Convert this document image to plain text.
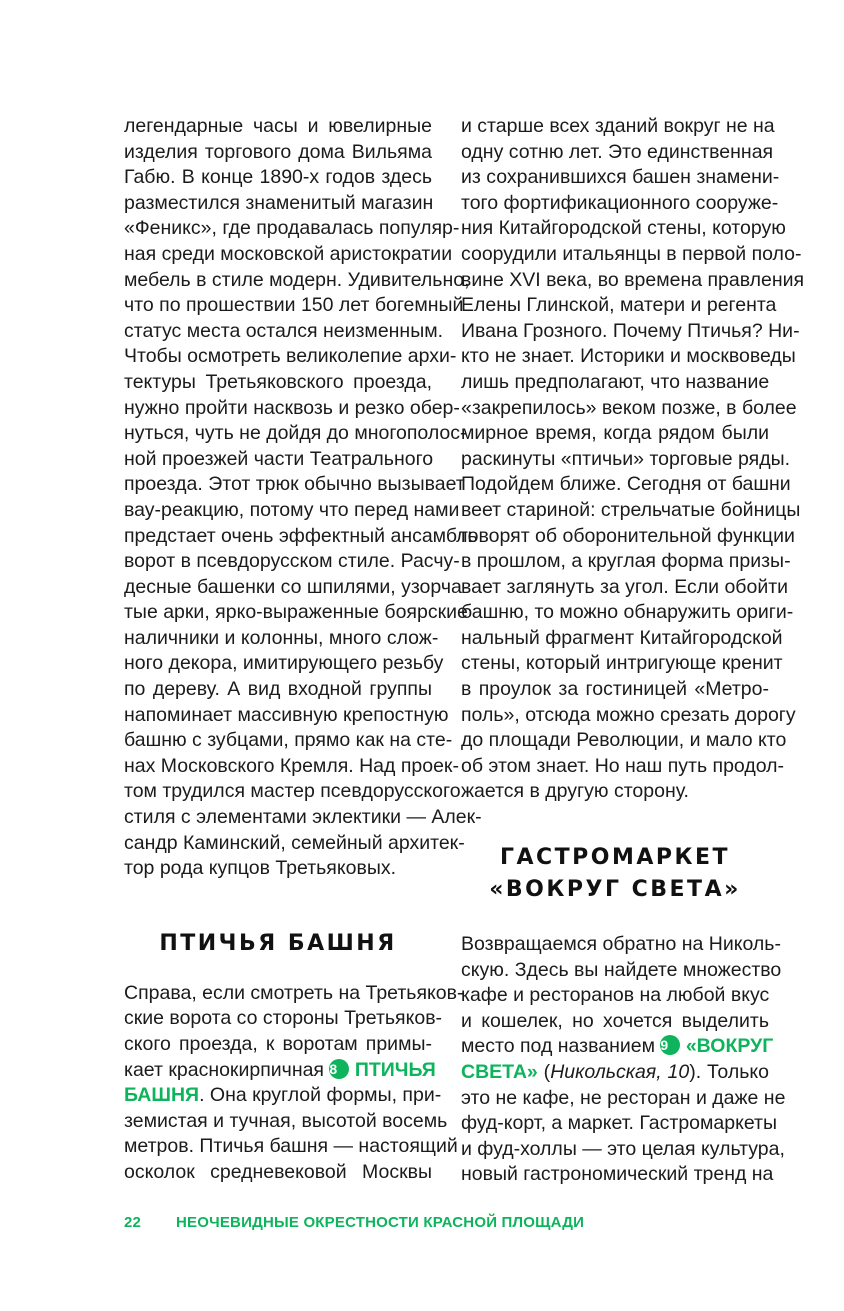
легендарные часы и ювелирные
изделия торгового дома Вильяма
Габю. В конце 1890-х годов здесь
разместился знаменитый магазин
«Феникс», где продавалась популяр-
ная среди московской аристократии
мебель в стиле модерн. Удивительно,
что по прошествии 150 лет богемный
статус места остался неизменным.
Чтобы осмотреть великолепие архи-
тектуры Третьяковского проезда,
нужно пройти насквозь и резко обер-
нуться, чуть не дойдя до многополос-
ной проезжей части Театрального
проезда. Этот трюк обычно вызывает
вау-реакцию, потому что перед нами
предстает очень эффектный ансамбль
ворот в псевдорусском стиле. Расчу-
десные башенки со шпилями, узорча-
тые арки, ярко-выраженные боярские
наличники и колонны, много слож-
ного декора, имитирующего резьбу
по дереву. А вид входной группы
напоминает массивную крепостную
башню с зубцами, прямо как на сте-
нах Московского Кремля. Над проек-
том трудился мастер псевдорусского
стиля с элементами эклектики — Алек-
сандр Каминский, семейный архитек-
тор рода купцов Третьяковых.
ПТИЧЬЯ БАШНЯ
Справа, если смотреть на Третьяков-
ские ворота со стороны Третьяков-
ского проезда, к воротам примы-
кает краснокирпичная 8 ПТИЧЬЯ
БАШНЯ. Она круглой формы, при-
земистая и тучная, высотой восемь
метров. Птичья башня — настоящий
осколок средневековой Москвы
и старше всех зданий вокруг не на
одну сотню лет. Это единственная
из сохранившихся башен знамени-
того фортификационного сооруже-
ния Китайгородской стены, которую
соорудили итальянцы в первой поло-
вине XVI века, во времена правления
Елены Глинской, матери и регента
Ивана Грозного. Почему Птичья? Ни-
кто не знает. Историки и москвоведы
лишь предполагают, что название
«закрепилось» веком позже, в более
мирное время, когда рядом были
раскинуты «птичьи» торговые ряды.
Подойдем ближе. Сегодня от башни
веет стариной: стрельчатые бойницы
говорят об оборонительной функции
в прошлом, а круглая форма призы-
вает заглянуть за угол. Если обойти
башню, то можно обнаружить ориги-
нальный фрагмент Китайгородской
стены, который интригующе кренит
в проулок за гостиницей «Метро-
поль», отсюда можно срезать дорогу
до площади Революции, и мало кто
об этом знает. Но наш путь продол-
жается в другую сторону.
ГАСТРОМАРКЕТ
«ВОКРУГ СВЕТА»
Возвращаемся обратно на Николь-
скую. Здесь вы найдете множество
кафе и ресторанов на любой вкус
и кошелек, но хочется выделить
место под названием 9 «ВОКРУГ
СВЕТА» (Никольская, 10). Только
это не кафе, не ресторан и даже не
фуд-корт, а маркет. Гастромаркеты
и фуд-холлы — это целая культура,
новый гастрономический тренд на
22 НЕОЧЕВИДНЫЕ ОКРЕСТНОСТИ КРАСНОЙ ПЛОЩАДИ
